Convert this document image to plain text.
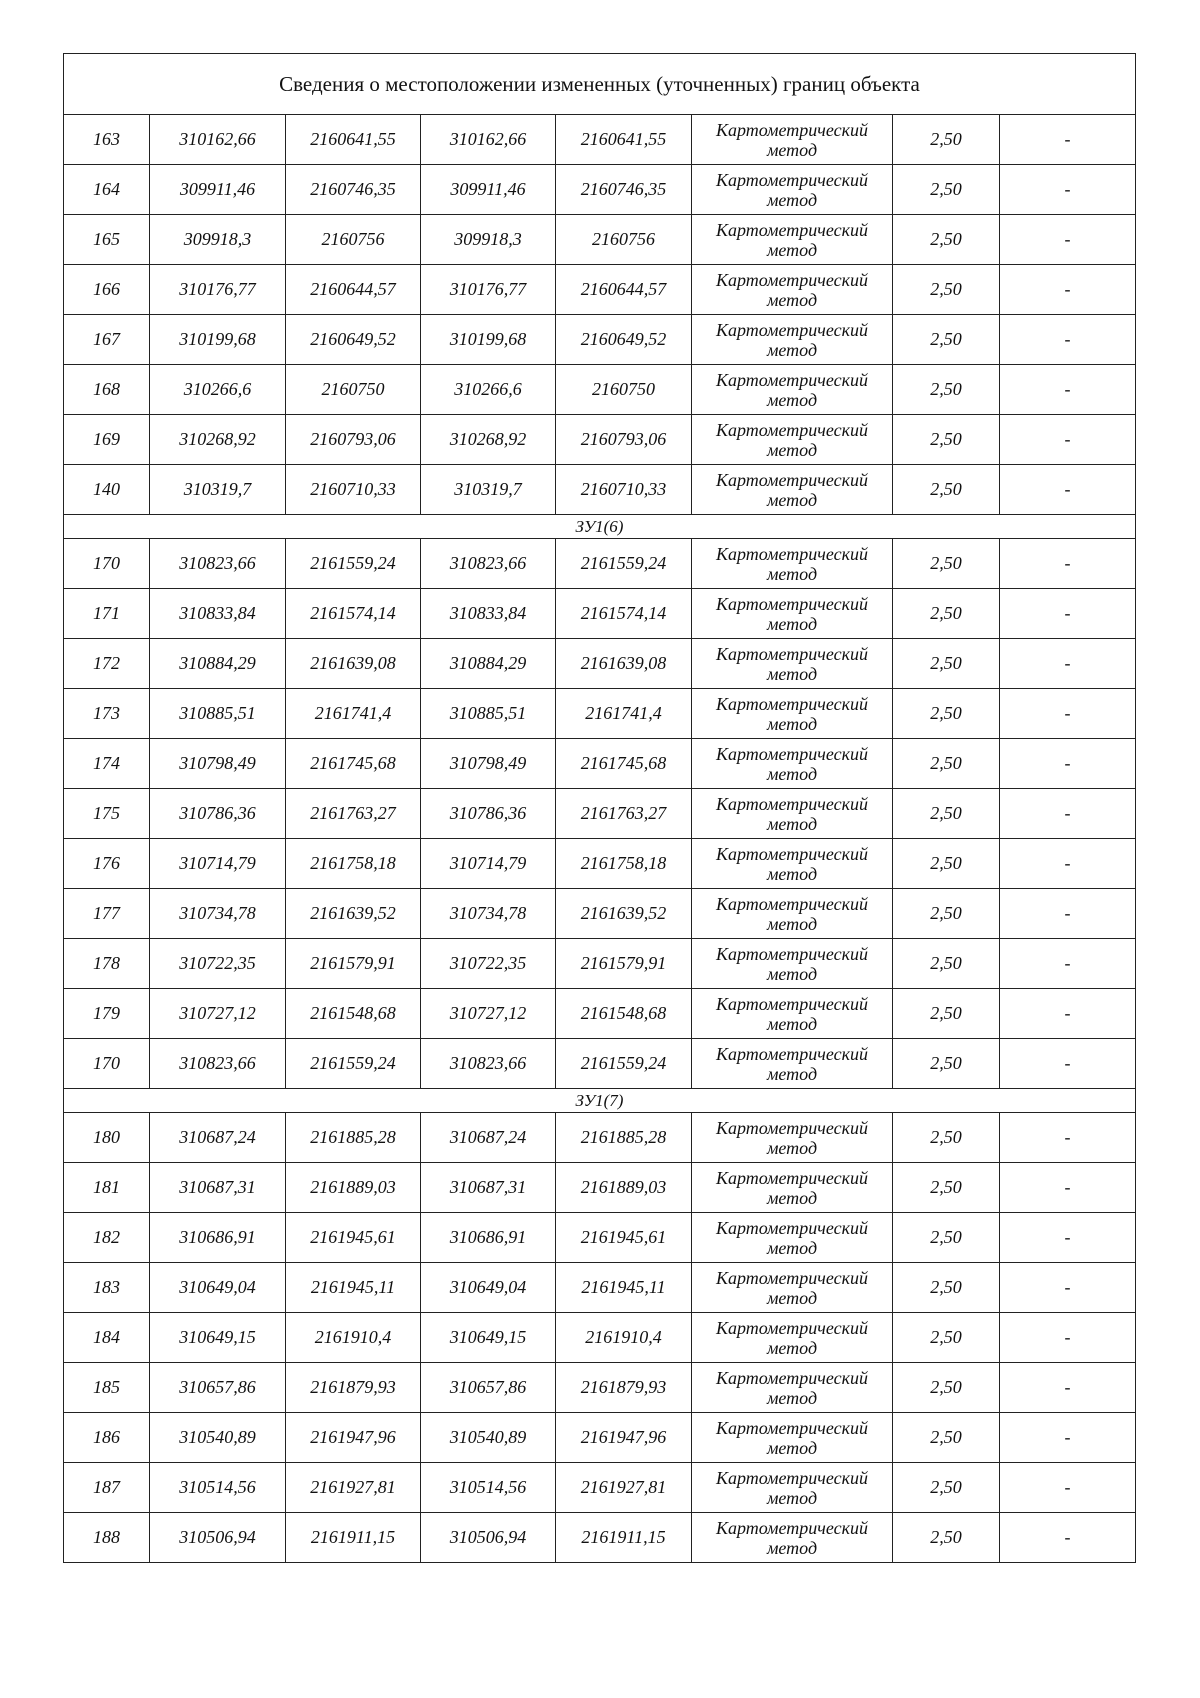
Сведения о местоположении измененных (уточненных) границ объекта							
163	310162,66	2160641,55	310162,66	2160641,55	Картометрический метод	2,50	-
164	309911,46	2160746,35	309911,46	2160746,35	Картометрический метод	2,50	-
165	309918,3	2160756	309918,3	2160756	Картометрический метод	2,50	-
166	310176,77	2160644,57	310176,77	2160644,57	Картометрический метод	2,50	-
167	310199,68	2160649,52	310199,68	2160649,52	Картометрический метод	2,50	-
168	310266,6	2160750	310266,6	2160750	Картометрический метод	2,50	-
169	310268,92	2160793,06	310268,92	2160793,06	Картометрический метод	2,50	-
140	310319,7	2160710,33	310319,7	2160710,33	Картометрический метод	2,50	-
ЗУ1(6)							
170	310823,66	2161559,24	310823,66	2161559,24	Картометрический метод	2,50	-
171	310833,84	2161574,14	310833,84	2161574,14	Картометрический метод	2,50	-
172	310884,29	2161639,08	310884,29	2161639,08	Картометрический метод	2,50	-
173	310885,51	2161741,4	310885,51	2161741,4	Картометрический метод	2,50	-
174	310798,49	2161745,68	310798,49	2161745,68	Картометрический метод	2,50	-
175	310786,36	2161763,27	310786,36	2161763,27	Картометрический метод	2,50	-
176	310714,79	2161758,18	310714,79	2161758,18	Картометрический метод	2,50	-
177	310734,78	2161639,52	310734,78	2161639,52	Картометрический метод	2,50	-
178	310722,35	2161579,91	310722,35	2161579,91	Картометрический метод	2,50	-
179	310727,12	2161548,68	310727,12	2161548,68	Картометрический метод	2,50	-
170	310823,66	2161559,24	310823,66	2161559,24	Картометрический метод	2,50	-
ЗУ1(7)							
180	310687,24	2161885,28	310687,24	2161885,28	Картометрический метод	2,50	-
181	310687,31	2161889,03	310687,31	2161889,03	Картометрический метод	2,50	-
182	310686,91	2161945,61	310686,91	2161945,61	Картометрический метод	2,50	-
183	310649,04	2161945,11	310649,04	2161945,11	Картометрический метод	2,50	-
184	310649,15	2161910,4	310649,15	2161910,4	Картометрический метод	2,50	-
185	310657,86	2161879,93	310657,86	2161879,93	Картометрический метод	2,50	-
186	310540,89	2161947,96	310540,89	2161947,96	Картометрический метод	2,50	-
187	310514,56	2161927,81	310514,56	2161927,81	Картометрический метод	2,50	-
188	310506,94	2161911,15	310506,94	2161911,15	Картометрический метод	2,50	-
